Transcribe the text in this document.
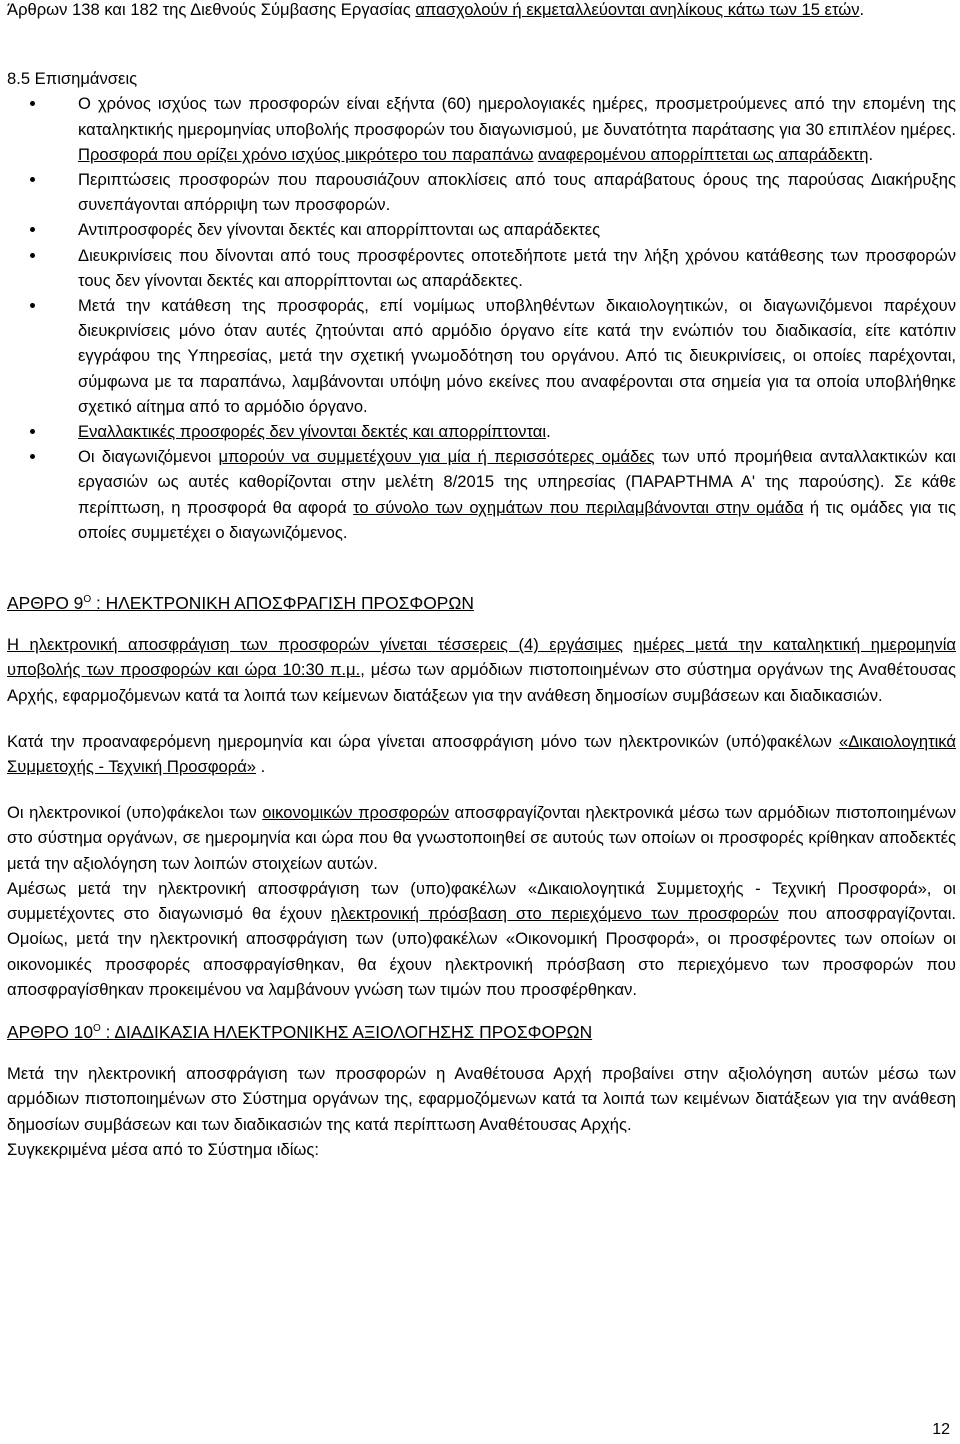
Άρθρων 138 και 182 της Διεθνούς Σύμβασης Εργασίας απασχολούν ή εκμεταλλεύονται ανηλίκους κάτω των 15 ετών.

8.5 Επισημάνσεις

Ο χρόνος ισχύος των προσφορών είναι εξήντα (60) ημερολογιακές ημέρες, προσμετρούμενες από την επομένη της καταληκτικής ημερομηνίας υποβολής προσφορών του διαγωνισμού, με δυνατότητα παράτασης για 30 επιπλέον ημέρες. Προσφορά που ορίζει χρόνο ισχύος μικρότερο του παραπάνω αναφερομένου απορρίπτεται ως απαράδεκτη.
Περιπτώσεις προσφορών που παρουσιάζουν αποκλίσεις από τους απαράβατους όρους της παρούσας Διακήρυξης συνεπάγονται απόρριψη των προσφορών.
Αντιπροσφορές δεν γίνονται δεκτές και απορρίπτονται ως απαράδεκτες
Διευκρινίσεις που δίνονται από τους προσφέροντες οποτεδήποτε μετά την λήξη χρόνου κατάθεσης των προσφορών τους δεν γίνονται δεκτές και απορρίπτονται ως απαράδεκτες.
Μετά την κατάθεση της προσφοράς, επί νομίμως υποβληθέντων δικαιολογητικών, οι διαγωνιζόμενοι παρέχουν διευκρινίσεις μόνο όταν αυτές ζητούνται από αρμόδιο όργανο είτε κατά την ενώπιόν του διαδικασία, είτε κατόπιν εγγράφου της Υπηρεσίας, μετά την σχετική γνωμοδότηση του οργάνου. Από τις διευκρινίσεις, οι οποίες παρέχονται, σύμφωνα με τα παραπάνω, λαμβάνονται υπόψη μόνο εκείνες που αναφέρονται στα σημεία για τα οποία υποβλήθηκε σχετικό αίτημα από το αρμόδιο όργανο.
Εναλλακτικές προσφορές δεν γίνονται δεκτές και απορρίπτονται.
Οι διαγωνιζόμενοι μπορούν να συμμετέχουν για μία ή περισσότερες ομάδες των υπό προμήθεια ανταλλακτικών και εργασιών ως αυτές καθορίζονται στην μελέτη 8/2015 της υπηρεσίας (ΠΑΡΑΡΤΗΜΑ Α' της παρούσης). Σε κάθε περίπτωση, η προσφορά θα αφορά το σύνολο των οχημάτων που περιλαμβάνονται στην ομάδα ή τις ομάδες για τις οποίες συμμετέχει ο διαγωνιζόμενος.

ΑΡΘΡΟ $9^O$ : ΗΛΕΚΤΡΟΝΙΚΗ ΑΠΟΣΦΡΑΓΙΣΗ ΠΡΟΣΦΟΡΩΝ

Η ηλεκτρονική αποσφράγιση των προσφορών γίνεται τέσσερεις (4) εργάσιμες ημέρες μετά την καταληκτική ημερομηνία υποβολής των προσφορών και ώρα 10:30 π.μ., μέσω των αρμόδιων πιστοποιημένων στο σύστημα οργάνων της Αναθέτουσας Αρχής, εφαρμοζόμενων κατά τα λοιπά των κείμενων διατάξεων για την ανάθεση δημοσίων συμβάσεων και διαδικασιών.

Κατά την προαναφερόμενη ημερομηνία και ώρα γίνεται αποσφράγιση μόνο των ηλεκτρονικών (υπό)φακέλων «Δικαιολογητικά Συμμετοχής - Τεχνική Προσφορά» .

Οι ηλεκτρονικοί (υπο)φάκελοι των οικονομικών προσφορών αποσφραγίζονται ηλεκτρονικά μέσω των αρμόδιων πιστοποιημένων στο σύστημα οργάνων, σε ημερομηνία και ώρα που θα γνωστοποιηθεί σε αυτούς των οποίων οι προσφορές κρίθηκαν αποδεκτές μετά την αξιολόγηση των λοιπών στοιχείων αυτών.

Αμέσως μετά την ηλεκτρονική αποσφράγιση των (υπο)φακέλων «Δικαιολογητικά Συμμετοχής - Τεχνική Προσφορά», οι συμμετέχοντες στο διαγωνισμό θα έχουν ηλεκτρονική πρόσβαση στο περιεχόμενο των προσφορών που αποσφραγίζονται. Ομοίως, μετά την ηλεκτρονική αποσφράγιση των (υπο)φακέλων «Οικονομική Προσφορά», οι προσφέροντες των οποίων οι οικονομικές προσφορές αποσφραγίσθηκαν, θα έχουν ηλεκτρονική πρόσβαση στο περιεχόμενο των προσφορών που αποσφραγίσθηκαν προκειμένου να λαμβάνουν γνώση των τιμών που προσφέρθηκαν.

ΑΡΘΡΟ $10^O$ : ΔΙΑΔΙΚΑΣΙΑ ΗΛΕΚΤΡΟΝΙΚΗΣ ΑΞΙΟΛΟΓΗΣΗΣ ΠΡΟΣΦΟΡΩΝ

Μετά την ηλεκτρονική αποσφράγιση των προσφορών η Αναθέτουσα Αρχή προβαίνει στην αξιολόγηση αυτών μέσω των αρμόδιων πιστοποιημένων στο Σύστημα οργάνων της, εφαρμοζόμενων κατά τα λοιπά των κειμένων διατάξεων για την ανάθεση δημοσίων συμβάσεων και των διαδικασιών της κατά περίπτωση Αναθέτουσας Αρχής.

Συγκεκριμένα μέσα από το Σύστημα ιδίως:

12
